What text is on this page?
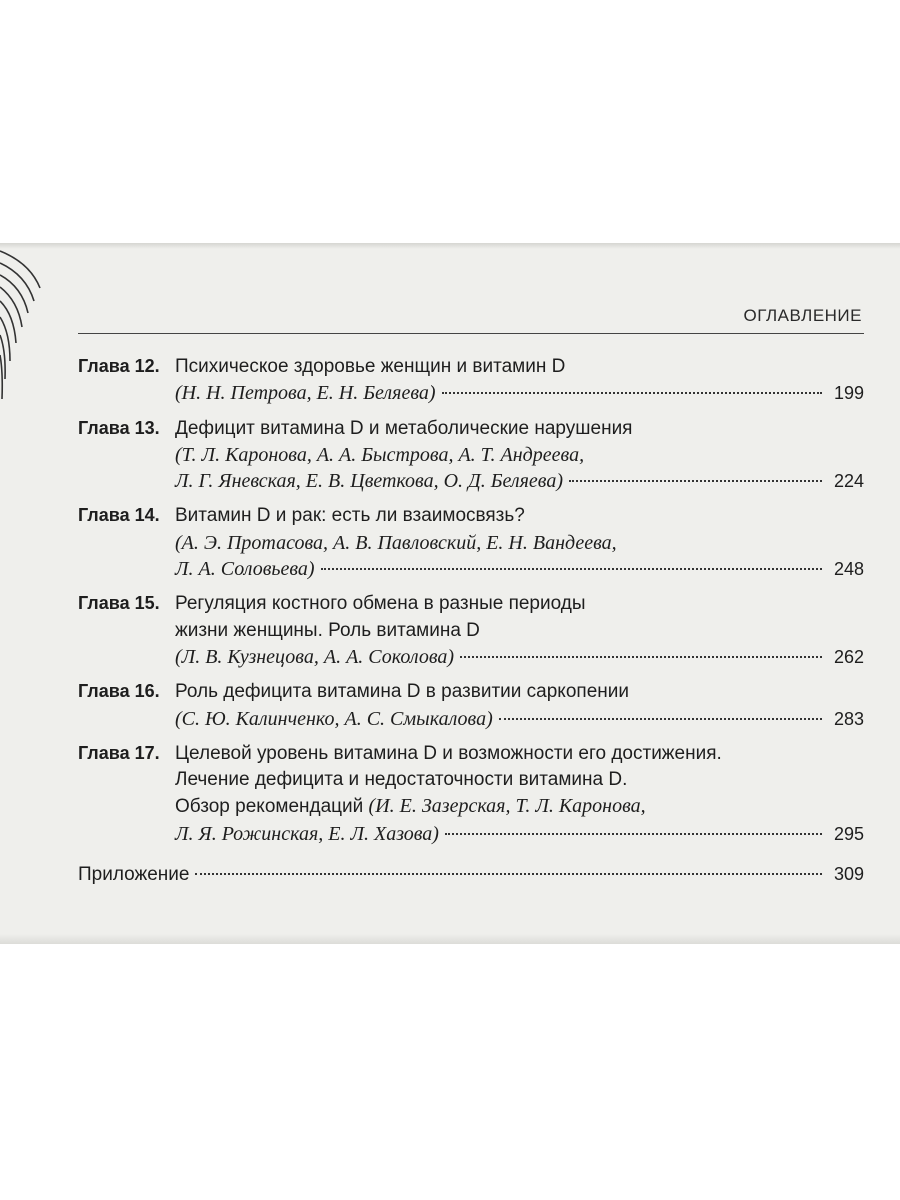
ОГЛАВЛЕНИЕ
Глава 12. Психическое здоровье женщин и витамин D
(Н. Н. Петрова, Е. Н. Беляева)	199
Глава 13. Дефицит витамина D и метаболические нарушения
(Т. Л. Каронова, А. А. Быстрова, А. Т. Андреева,
Л. Г. Яневская, Е. В. Цветкова, О. Д. Беляева)	224
Глава 14. Витамин D и рак: есть ли взаимосвязь?
(А. Э. Протасова, А. В. Павловский, Е. Н. Вандеева,
Л. А. Соловьева)	248
Глава 15. Регуляция костного обмена в разные периоды
жизни женщины. Роль витамина D
(Л. В. Кузнецова, А. А. Соколова)	262
Глава 16. Роль дефицита витамина D в развитии саркопении
(С. Ю. Калинченко, А. С. Смыкалова)	283
Глава 17. Целевой уровень витамина D и возможности его достижения.
Лечение дефицита и недостаточности витамина D.
Обзор рекомендаций (И. Е. Зазерская, Т. Л. Каронова,
Л. Я. Рожинская, Е. Л. Хазова)	295
Приложение	309
